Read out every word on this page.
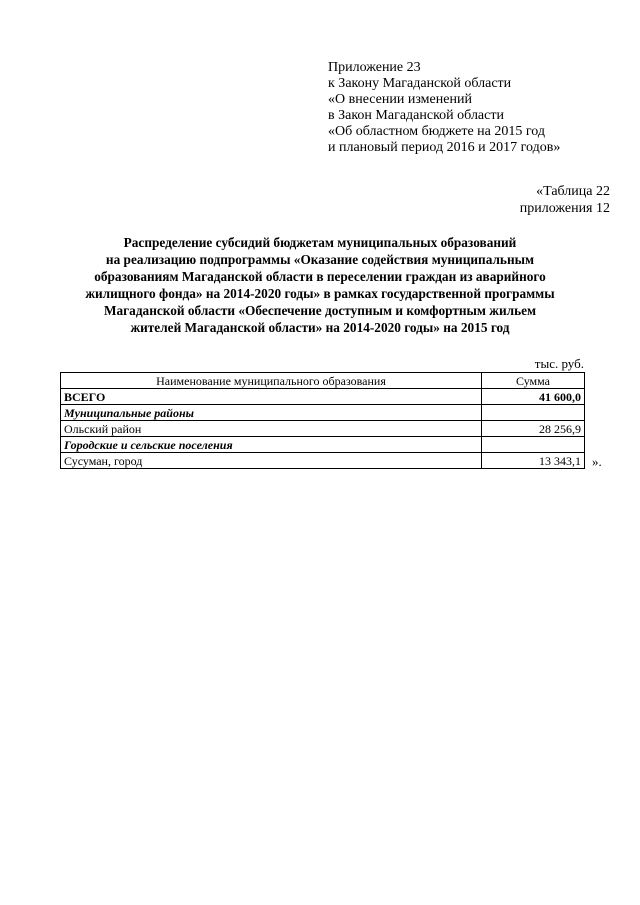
Приложение 23
к Закону Магаданской области
«О внесении изменений
в Закон Магаданской области
«Об областном бюджете на 2015 год
и плановый период 2016 и 2017 годов»
«Таблица 22
приложения 12
Распределение субсидий бюджетам муниципальных образований
на реализацию подпрограммы «Оказание содействия муниципальным
образованиям Магаданской области в переселении граждан из аварийного
жилищного фонда» на 2014-2020 годы» в рамках государственной программы
Магаданской области «Обеспечение доступным и комфортным жильем
жителей Магаданской области» на 2014-2020 годы» на 2015 год
тыс. руб.
Наименование муниципального образования	Сумма
ВСЕГО	41 600,0
Муниципальные районы	
Ольский район	28 256,9
Городские и сельские поселения	
Сусуман, город	13 343,1 ».
